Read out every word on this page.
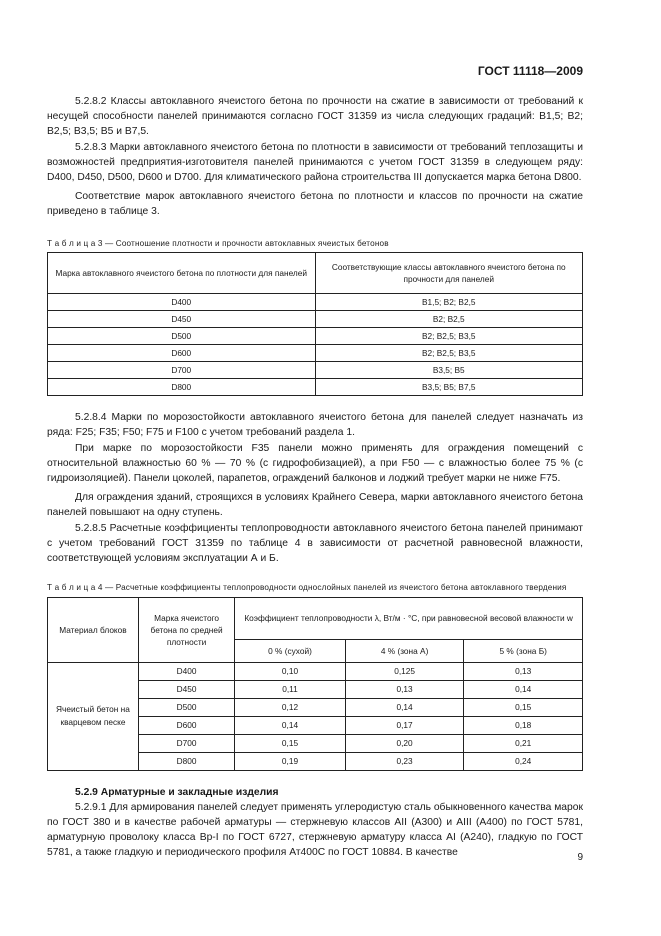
ГОСТ 11118—2009

5.2.8.2 Классы автоклавного ячеистого бетона по прочности на сжатие в зависимости от требований к несущей способности панелей принимаются согласно ГОСТ 31359 из числа следующих градаций: B1,5; B2; B2,5; B3,5; B5 и B7,5.

5.2.8.3 Марки автоклавного ячеистого бетона по плотности в зависимости от требований теплозащиты и возможностей предприятия-изготовителя панелей принимаются с учетом ГОСТ 31359 в следующем ряду: D400, D450, D500, D600 и D700. Для климатического района строительства III допускается марка бетона D800.

Соответствие марок автоклавного ячеистого бетона по плотности и классов по прочности на сжатие приведено в таблице 3.

Т а б л и ц а 3 — Соотношение плотности и прочности автоклавных ячеистых бетонов
Марка автоклавного ячеистого бетона по плотности для панелей	Соответствующие классы автоклавного ячеистого бетона по прочности для панелей
D400	B1,5; B2; B2,5
D450	B2; B2,5
D500	B2; B2,5; B3,5
D600	B2; B2,5; B3,5
D700	B3,5; B5
D800	B3,5; B5; B7,5

5.2.8.4 Марки по морозостойкости автоклавного ячеистого бетона для панелей следует назначать из ряда: F25; F35; F50; F75 и F100 с учетом требований раздела 1.

При марке по морозостойкости F35 панели можно применять для ограждения помещений с относительной влажностью 60 % — 70 % (с гидрофобизацией), а при F50 — с влажностью более 75 % (с гидроизоляцией). Панели цоколей, парапетов, ограждений балконов и лоджий требует марки не ниже F75.

Для ограждения зданий, строящихся в условиях Крайнего Севера, марки автоклавного ячеистого бетона панелей повышают на одну ступень.

5.2.8.5 Расчетные коэффициенты теплопроводности автоклавного ячеистого бетона панелей принимают с учетом требований ГОСТ 31359 по таблице 4 в зависимости от расчетной равновесной влажности, соответствующей условиям эксплуатации А и Б.

Т а б л и ц а 4 — Расчетные коэффициенты теплопроводности однослойных панелей из ячеистого бетона автоклавного твердения
Материал блоков	Марка ячеистого бетона по средней плотности	Коэффициент теплопроводности λ, Вт/м · °С, при равновесной весовой влажности w		
		0 % (сухой)	4 % (зона А)	5 % (зона Б)
Ячеистый бетон на кварцевом песке	D400	0,10	0,125	0,13
	D450	0,11	0,13	0,14
	D500	0,12	0,14	0,15
	D600	0,14	0,17	0,18
	D700	0,15	0,20	0,21
	D800	0,19	0,23	0,24
5.2.9 Арматурные и закладные изделия

5.2.9.1 Для армирования панелей следует применять углеродистую сталь обыкновенного качества марок по ГОСТ 380 и в качестве рабочей арматуры — стержневую классов AII (А300) и AIII (А400) по ГОСТ 5781, арматурную проволоку класса Вр-I по ГОСТ 6727, стержневую арматуру класса AI (А240), гладкую по ГОСТ 5781, а также гладкую и периодического профиля Ат400С по ГОСТ 10884. В качестве	9
